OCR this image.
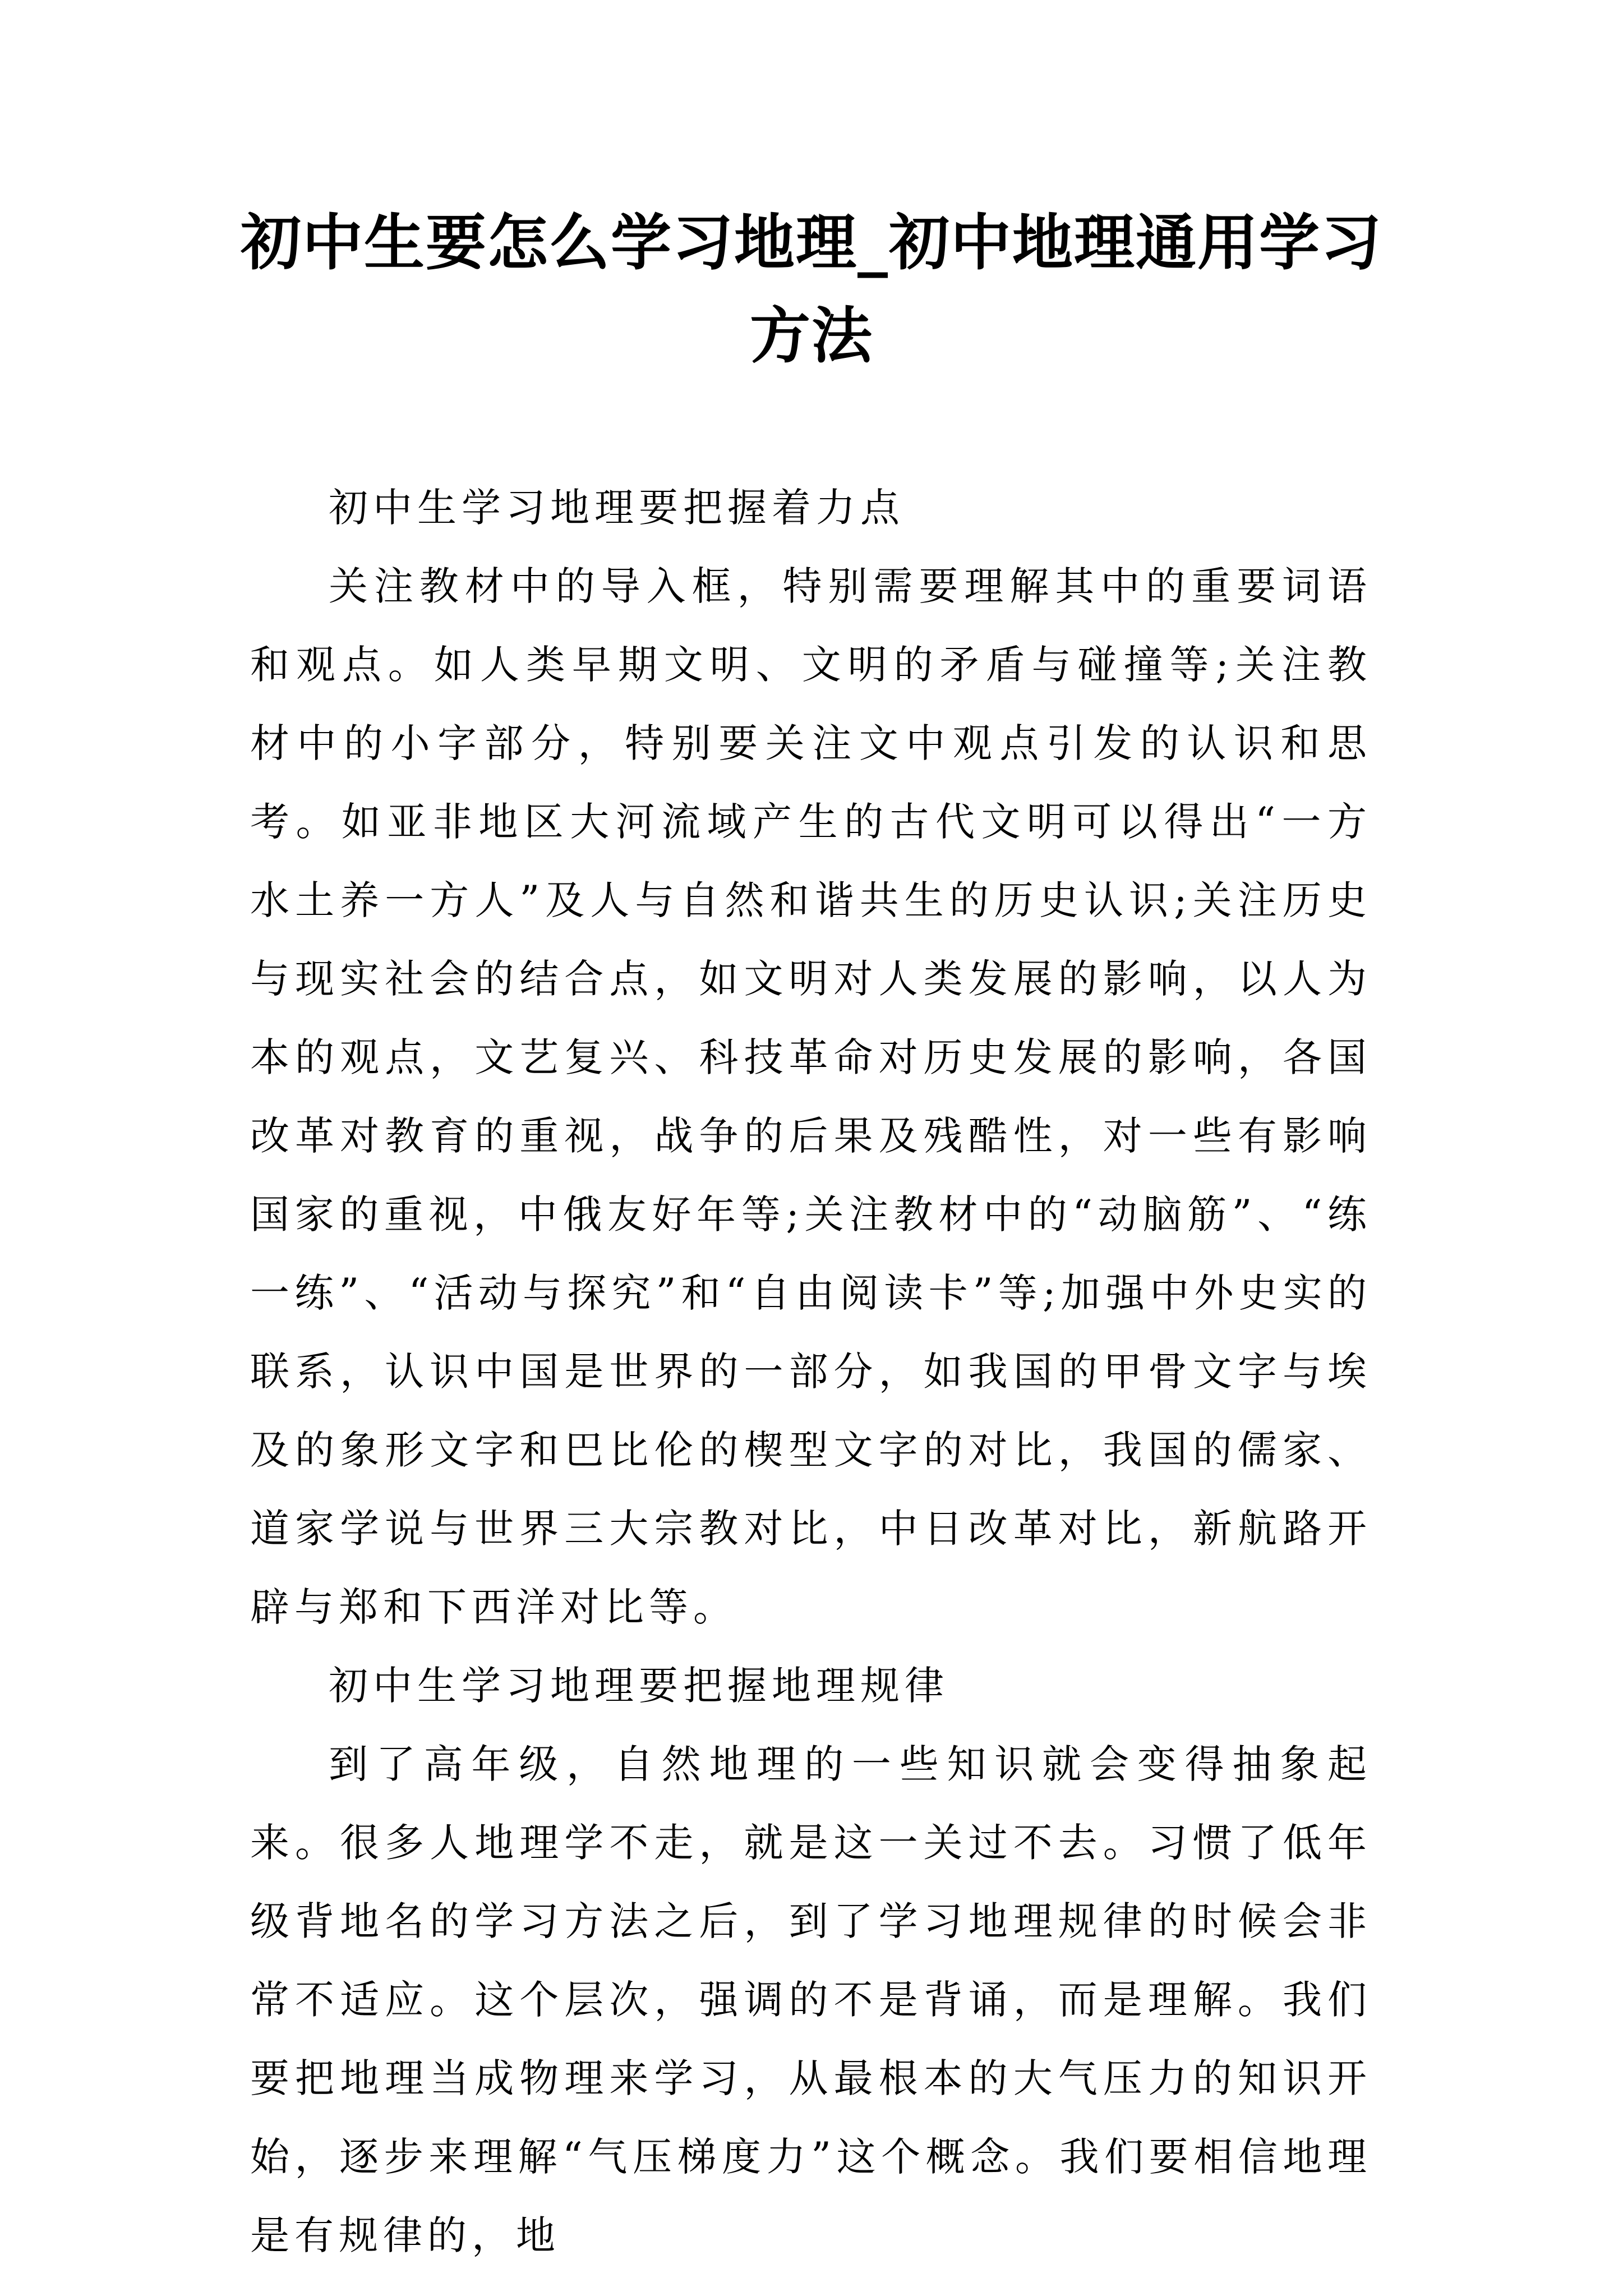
初中生要怎么学习地理_初中地理通用学习方法

初中生学习地理要把握着力点

关注教材中的导入框，特别需要理解其中的重要词语和观点。如人类早期文明、文明的矛盾与碰撞等;关注教材中的小字部分，特别要关注文中观点引发的认识和思考。如亚非地区大河流域产生的古代文明可以得出“一方水土养一方人”及人与自然和谐共生的历史认识;关注历史与现实社会的结合点，如文明对人类发展的影响，以人为本的观点，文艺复兴、科技革命对历史发展的影响，各国改革对教育的重视，战争的后果及残酷性，对一些有影响国家的重视，中俄友好年等;关注教材中的“动脑筋”、“练一练”、“活动与探究”和“自由阅读卡”等;加强中外史实的联系，认识中国是世界的一部分，如我国的甲骨文字与埃及的象形文字和巴比伦的楔型文字的对比，我国的儒家、道家学说与世界三大宗教对比，中日改革对比，新航路开辟与郑和下西洋对比等。

初中生学习地理要把握地理规律

到了高年级，自然地理的一些知识就会变得抽象起来。很多人地理学不走，就是这一关过不去。习惯了低年级背地名的学习方法之后，到了学习地理规律的时候会非常不适应。这个层次，强调的不是背诵，而是理解。我们要把地理当成物理来学习，从最根本的大气压力的知识开始，逐步来理解“气压梯度力”这个概念。我们要相信地理是有规律的，地
